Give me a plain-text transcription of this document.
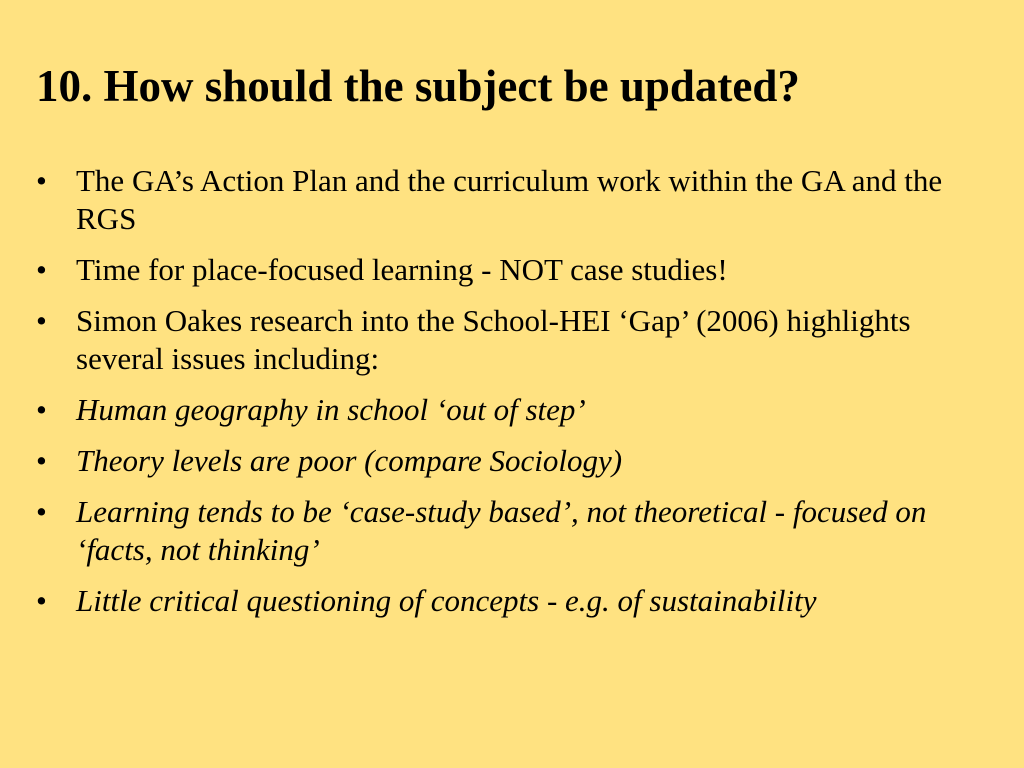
10. How should the subject be updated?
• The GA’s Action Plan and the curriculum work within the GA and the RGS
• Time for place-focused learning - NOT case studies!
• Simon Oakes research into the School-HEI ‘Gap’ (2006) highlights several issues including:
• Human geography in school ‘out of step’
• Theory levels are poor (compare Sociology)
• Learning tends to be ‘case-study based’, not theoretical - focused on ‘facts, not thinking’
• Little critical questioning of concepts - e.g. of sustainability
